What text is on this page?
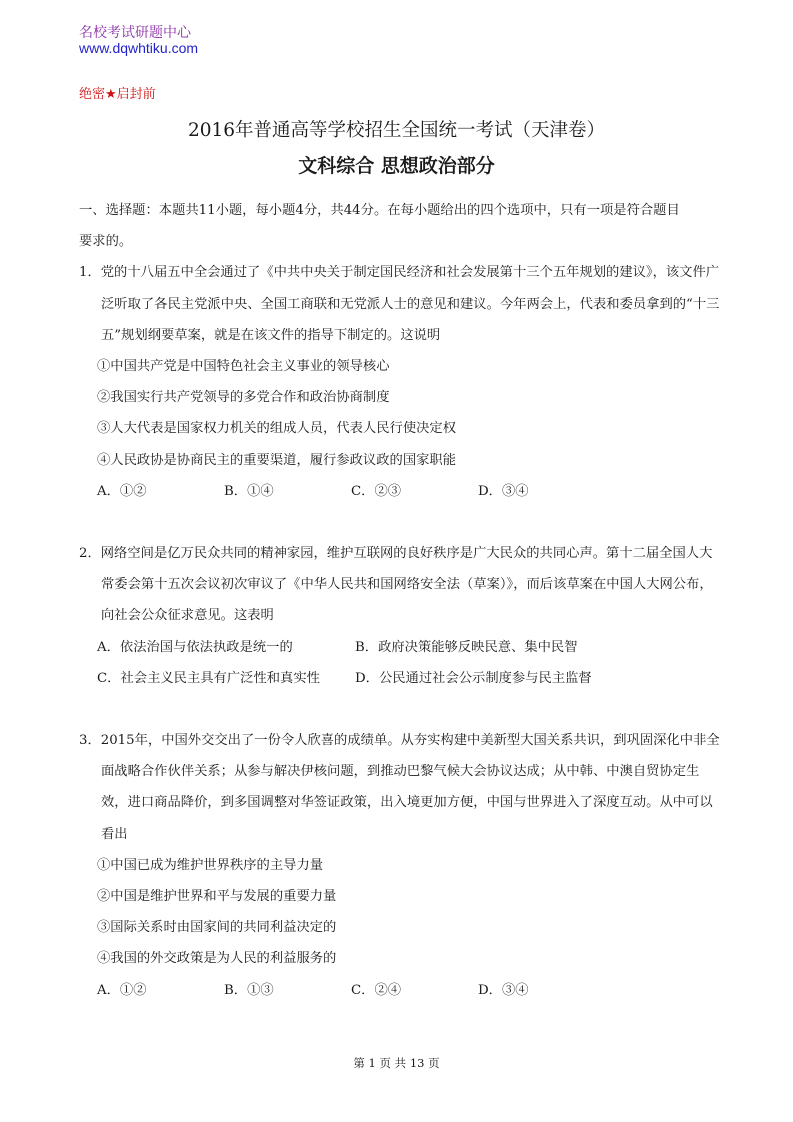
名校考试研题中心
www.dqwhtiku.com
绝密★启封前
2016年普通高等学校招生全国统一考试（天津卷）
文科综合 思想政治部分

一、选择题：本题共11小题，每小题4分，共44分。在每小题给出的四个选项中，只有一项是符合题目

要求的。

1．党的十八届五中全会通过了《中共中央关于制定国民经济和社会发展第十三个五年规划的建议》，该文件广泛听取了各民主党派中央、全国工商联和无党派人士的意见和建议。今年两会上，代表和委员拿到的“十三五”规划纲要草案，就是在该文件的指导下制定的。这说明

①中国共产党是中国特色社会主义事业的领导核心

②我国实行共产党领导的多党合作和政治协商制度

③人大代表是国家权力机关的组成人员，代表人民行使决定权

④人民政协是协商民主的重要渠道，履行参政议政的国家职能

A．①②	B．①④	C．②③	D．③④

2．网络空间是亿万民众共同的精神家园，维护互联网的良好秩序是广大民众的共同心声。第十二届全国人大常委会第十五次会议初次审议了《中华人民共和国网络安全法（草案）》，而后该草案在中国人大网公布，向社会公众征求意见。这表明

A．依法治国与依法执政是统一的	B．政府决策能够反映民意、集中民智
C．社会主义民主具有广泛性和真实性	D．公民通过社会公示制度参与民主监督

3．2015年，中国外交交出了一份令人欣喜的成绩单。从夯实构建中美新型大国关系共识，到巩固深化中非全面战略合作伙伴关系；从参与解决伊核问题，到推动巴黎气候大会协议达成；从中韩、中澳自贸协定生效，进口商品降价，到多国调整对华签证政策，出入境更加方便，中国与世界进入了深度互动。从中可以看出

①中国已成为维护世界秩序的主导力量

②中国是维护世界和平与发展的重要力量

③国际关系时由国家间的共同利益决定的

④我国的外交政策是为人民的利益服务的

A．①②	B．①③	C．②④	D．③④
第 1 页 共 13 页
